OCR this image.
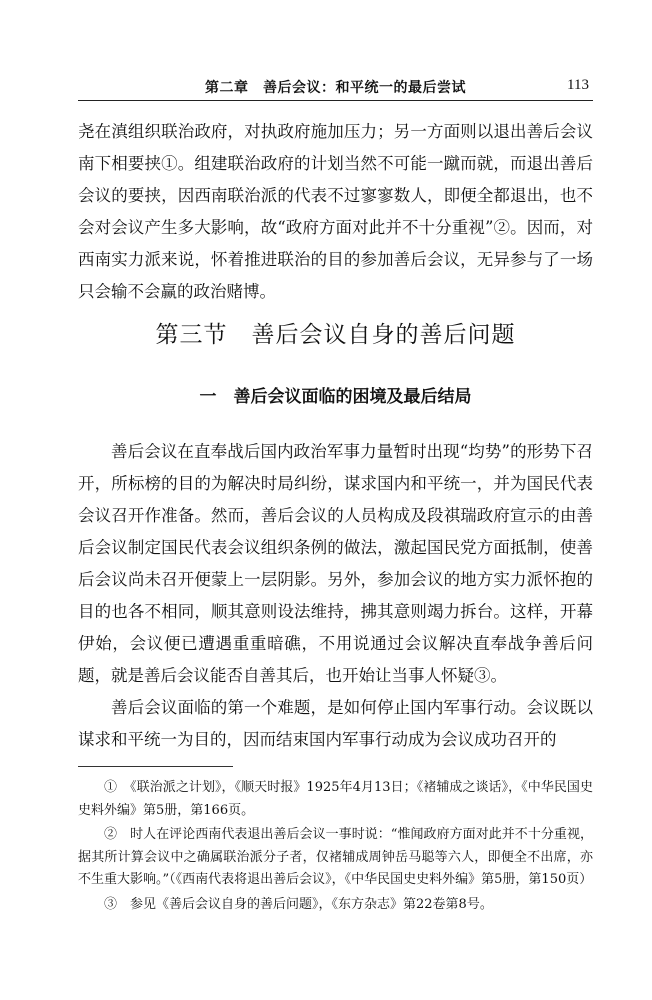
第二章　善后会议：和平统一的最后尝试	113

尧在滇组织联治政府，对执政府施加压力；另一方面则以退出善后会议南下相要挟①。组建联治政府的计划当然不可能一蹴而就，而退出善后会议的要挟，因西南联治派的代表不过寥寥数人，即便全都退出，也不会对会议产生多大影响，故“政府方面对此并不十分重视”②。因而，对西南实力派来说，怀着推进联治的目的参加善后会议，无异参与了一场只会输不会赢的政治赌博。

第三节　善后会议自身的善后问题
一　善后会议面临的困境及最后结局

善后会议在直奉战后国内政治军事力量暂时出现“均势”的形势下召开，所标榜的目的为解决时局纠纷，谋求国内和平统一，并为国民代表会议召开作准备。然而，善后会议的人员构成及段祺瑞政府宣示的由善后会议制定国民代表会议组织条例的做法，激起国民党方面抵制，使善后会议尚未召开便蒙上一层阴影。另外，参加会议的地方实力派怀抱的目的也各不相同，顺其意则设法维持，拂其意则竭力拆台。这样，开幕伊始，会议便已遭遇重重暗礁，不用说通过会议解决直奉战争善后问题，就是善后会议能否自善其后，也开始让当事人怀疑③。

善后会议面临的第一个难题，是如何停止国内军事行动。会议既以谋求和平统一为目的，因而结束国内军事行动成为会议成功召开的

①　《联治派之计划》，《顺天时报》1925年4月13日；《褚辅成之谈话》，《中华民国史史料外编》第5册，第166页。

②　时人在评论西南代表退出善后会议一事时说：“惟闻政府方面对此并不十分重视，据其所计算会议中之确属联治派分子者，仅褚辅成周钟岳马聪等六人，即便全不出席，亦不生重大影响。”（《西南代表将退出善后会议》，《中华民国史史料外编》第5册，第150页）

③　参见《善后会议自身的善后问题》，《东方杂志》第22卷第8号。
